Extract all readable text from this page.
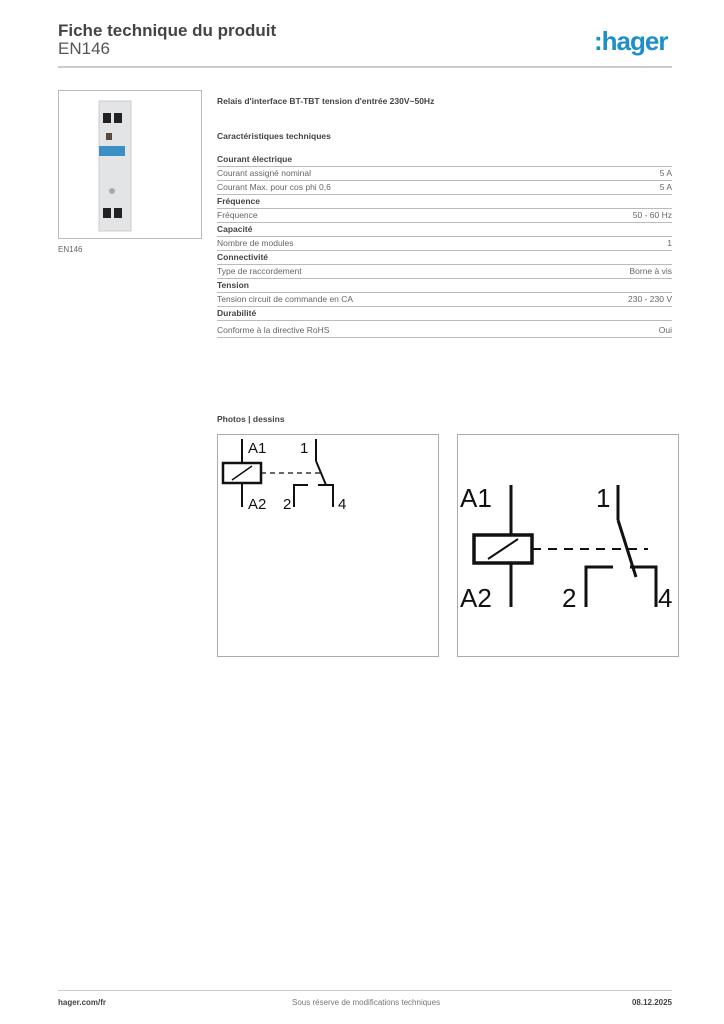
Fiche technique du produit
EN146	:hager
EN146
Relais d'interface BT-TBT tension d'entrée 230V~50Hz
Caractéristiques techniques
Courant électrique
Courant assigné nominal	5 A
Courant Max. pour cos phi 0,6	5 A
Fréquence
Fréquence	50 - 60 Hz
Capacité
Nombre de modules	1
Connectivité
Type de raccordement	Borne à vis
Tension
Tension circuit de commande en CA	230 - 230 V
Durabilité
Conforme à la directive RoHS	Oui
Photos | dessins
A1
A2
1
2	4	A1
A2
1
2	4
hager.com/fr	Sous réserve de modifications techniques	08.12.2025
